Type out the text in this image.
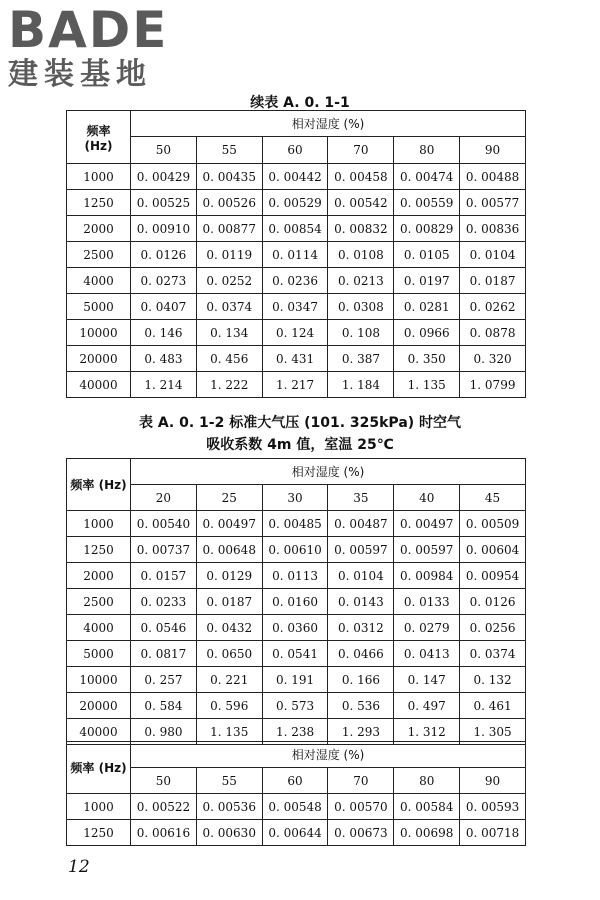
BADE
建装基地
续表 A. 0. 1-1
频率
(Hz)	相对湿度 (%)					
	50	55	60	70	80	90
1000	0. 00429	0. 00435	0. 00442	0. 00458	0. 00474	0. 00488
1250	0. 00525	0. 00526	0. 00529	0. 00542	0. 00559	0. 00577
2000	0. 00910	0. 00877	0. 00854	0. 00832	0. 00829	0. 00836
2500	0. 0126	0. 0119	0. 0114	0. 0108	0. 0105	0. 0104
4000	0. 0273	0. 0252	0. 0236	0. 0213	0. 0197	0. 0187
5000	0. 0407	0. 0374	0. 0347	0. 0308	0. 0281	0. 0262
10000	0. 146	0. 134	0. 124	0. 108	0. 0966	0. 0878
20000	0. 483	0. 456	0. 431	0. 387	0. 350	0. 320
40000	1. 214	1. 222	1. 217	1. 184	1. 135	1. 0799
表 A. 0. 1-2 标准大气压 (101. 325kPa) 时空气
吸收系数 4m 值，室温 25℃
频率 (Hz)	相对湿度 (%)					
	20	25	30	35	40	45
1000	0. 00540	0. 00497	0. 00485	0. 00487	0. 00497	0. 00509
1250	0. 00737	0. 00648	0. 00610	0. 00597	0. 00597	0. 00604
2000	0. 0157	0. 0129	0. 0113	0. 0104	0. 00984	0. 00954
2500	0. 0233	0. 0187	0. 0160	0. 0143	0. 0133	0. 0126
4000	0. 0546	0. 0432	0. 0360	0. 0312	0. 0279	0. 0256
5000	0. 0817	0. 0650	0. 0541	0. 0466	0. 0413	0. 0374
10000	0. 257	0. 221	0. 191	0. 166	0. 147	0. 132
20000	0. 584	0. 596	0. 573	0. 536	0. 497	0. 461
40000	0. 980	1. 135	1. 238	1. 293	1. 312	1. 305
频率 (Hz)	相对湿度 (%)					
	50	55	60	70	80	90
1000	0. 00522	0. 00536	0. 00548	0. 00570	0. 00584	0. 00593
1250	0. 00616	0. 00630	0. 00644	0. 00673	0. 00698	0. 00718
12
